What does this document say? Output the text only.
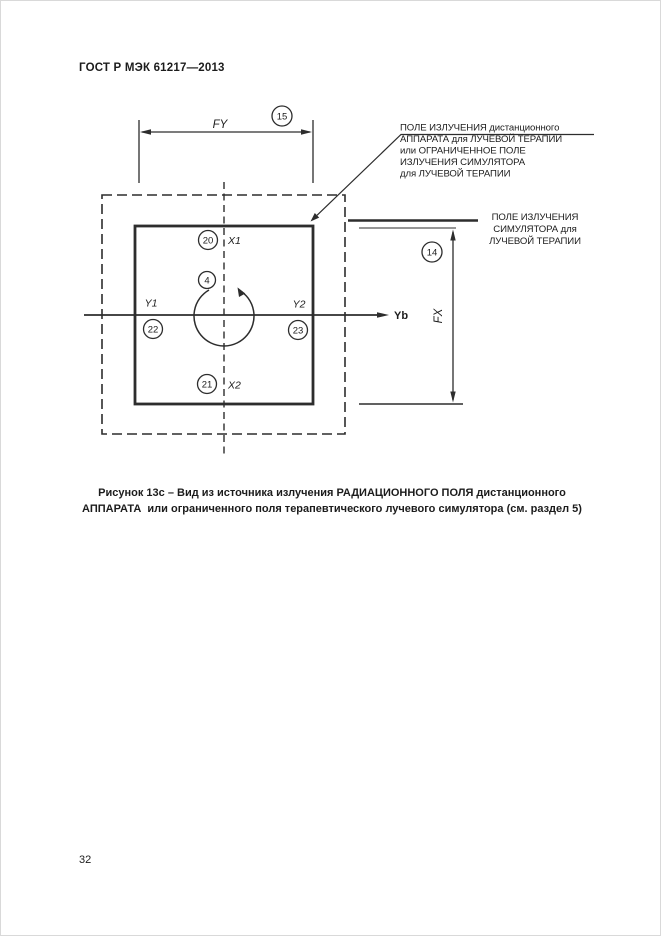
ГОСТ Р МЭК 61217—2013
FY
15
14
FX
Yb
4
20 X1
21 X2
Y1
22
Y2
23
ПОЛЕ ИЗЛУЧЕНИЯ дистанционного
АППАРАТА для ЛУЧЕВОЙ ТЕРАПИИ
или ОГРАНИЧЕННОЕ ПОЛЕ
ИЗЛУЧЕНИЯ СИМУЛЯТОРА
для ЛУЧЕВОЙ ТЕРАПИИ
ПОЛЕ ИЗЛУЧЕНИЯ
СИМУЛЯТОРА для
ЛУЧЕВОЙ ТЕРАПИИ
Рисунок 13с – Вид из источника излучения РАДИАЦИОННОГО ПОЛЯ дистанционного
АППАРАТА  или ограниченного поля терапевтического лучевого симулятора (см. раздел 5)
32
